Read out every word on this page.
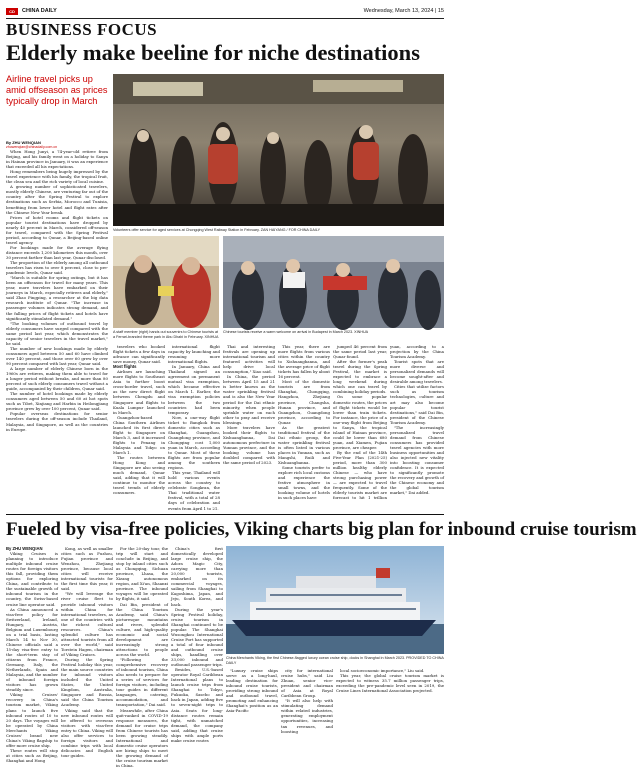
CD	CHINA DAILY	Wednesday, March 13, 2024 | 15
BUSINESS FOCUS
Elderly make beeline for niche destinations
Airline travel picks up amid offseason as prices typically drop in March
By ZHU WENQIAN
zhuwenqian@chinadaily.com.cn

When Hong Junyi, a 74-year-old retiree from Beijing, and his family went on a holiday to Sanya in Hainan province in January, it was an experience that exceeded all his expectations.

Hong remembers being hugely impressed by the travel experience with his family, the tropical fruit, the clean sea and the rich variety of local cuisine.

A growing number of sophisticated travelers, mostly elderly Chinese, are venturing far out of the country after the Spring Festival to explore destinations such as Serbia, Morocco and Tunisia, benefiting from lower hotel and flight rates after the Chinese New Year break.

Prices of hotel rooms and flight tickets on popular tourist destinations have dropped by nearly 40 percent in March, considered off-season for travel, compared with the Spring Festival period, according to Qunar, a Beijing-based online travel agency.

For bookings made for the average flying distance exceeds 1,200 kilometers this month, over 30 percent farther than last year, Qunar disclosed.

The proportion of the elderly among all outbound travelers has risen to over 8 percent, close to pre-pandemic levels, Qunar said.

"March is suitable for spring outings, but it has been an offseason for travel for many years. This year, more travelers have embarked on their journeys in March, especially retirees and elderly," said Zhao Pingping, a researcher at the big data research institute of Qunar. "The increase in passenger volumes indicates strong demand, and the falling prices of flight tickets and hotels have significantly stimulated demand."

"The booking volumes of outbound travel by elderly consumers have surged compared with the same period last year, which demonstrates the capacity of senior travelers in the travel market," he said.

The number of new bookings made by elderly consumers aged between 50 and 60 have climbed over 140 percent, and those over 60 grew by over 90 percent compared with last year, Qunar said.

A large number of elderly Chinese born in the 1960s are retirees, making them able to travel for a longer period without breaks, and more than 80 percent of such elderly consumers travel without a guide, accompanied by their children, Qunar said.

The number of hotel bookings made by elderly consumers aged between 50 and 60 at hot spots such as Tibet, Xinjiang and Harbin in Heilongjiang province grew by over 100 percent, Qunar said.

Popular overseas destinations for senior travelers during the off-season include Thailand, Malaysia, and Singapore, as well as the countries in Europe.

Volunteers offer service for aged services at Chongqing West Railway Station in February. ZAN HAIYANG / FOR CHINA DAILY
A staff member (right) hands out souvenirs to Chinese tourists at a Ferrari-branded theme park in Abu Dhabi in February. XINHUA
Chinese tourists receive a warm welcome on arrival in Budapest in March 2023. XINHUA

travelers who booked flight tickets a few days in advance can significantly save money, Qunar said.

Most flights

Airlines are launching more flights to Southeast Asia to further boost cross-border travel, such as the new direct flight between Chengdu and Singapore and flights to Kuala Lumpur launched in March.

Guangzhou-based China Southern Airlines launched its first direct flight to Singapore on March 3, and it increased flights to Penang in Malaysia and Tokyo on March 1.

The routes between Hong Kong and Singapore are also seeing much demand, Qunar said, adding that it will continue to monitor the travel trends of elderly consumers.

international flight capacity by launching and resuming more international flights.

In January, China and Thailand signed an agreement on permanent mutual visa exemption, which became effective on March 1. Earlier, the visa exemption policies between the two countries had been temporary.

Now, a one-way flight ticket to Bangkok from domestic cities such as Shanghai, Guangzhou, Guangdong province, and Chongqing cost 1,000 yuan in March, according to Qunar. Most of these flights are from popular among the southern regions.

This year, Thailand will hold various events across the country to celebrate Songkran, the Thai traditional water festival, with a total of 28 days of celebration and events from April 1 to 21.

Thai and interesting festivals are opening up international tourism and featured activities will help drive local consumption," Xiao said.

In China, the period between April 15 and 21 is better known as the water sprinkling festival and is also the New Year period for the Dai ethnic minority, when people sprinkle water on each other to pray and receive blessings.

More travelers have booked their flights to Xishuangbanna, Dai autonomous prefecture in Yunnan province, and the booking volume has doubled compared with the same period of 2023.

This year, there are more flights from various cities within the country to Xishuangbanna, and the average price of flight tickets has fallen by about 16 percent.

Most of the domestic tourists are from Shanghai, Chongqing, Hangzhou, Zhejiang province, Changsha, Hunan province, and Guangzhou, Guangdong province, according to Qunar.

As the greatest traditional festival of the Dai ethnic group, the water sprinkling festival is often listed in various places in Yunnan, such as Mangshi, Ruili and Xishuangbanna.

Some tourists prefer to explore rich local customs and experience the festive atmosphere in small towns, and the booking volume of hotels in such places have

jumped 46 percent from the same period last year, Qunar found.

After the former's peak travel during the Spring Festival, the market is expected to embrace a long weekend during which one can travel by combining holiday periods.

On some popular domestic routes, the prices of flight tickets would be lower than train tickets. For instance, the price of a one-way flight from Beijing to Sanya, the tropical island of Hainan province, could be lower than 680 yuan, and Xiamen, Fujian province, are cheaper.

By the end of the 14th Five-Year Plan (2021-25) period, more than 300 million healthy elderly Chinese — who have strong purchasing power — are expected to travel frequently. Some of the elderly tourists market are forecast to hit 1 trillion yuan, according to a projection by the China Tourism Academy.

Tourist spots that are more diverse and personalized demands will become sought-after and desirable among travelers.

Cities that utilize factors such as tourism technologies, culture and art may also become popular tourist destinations," said Dai Bin, president of the Chinese Tourism Academy.

"The increasingly personalized travel demand from Chinese consumers has provided travel agencies with more business opportunities and also injected new vitality into boosting consumer confidence. It is expected to significantly promote the recovery and growth of the Chinese economy and the global tourism market," Dai added.

Fueled by visa-free policies, Viking charts big plan for inbound cruise tourism

By ZHU WENQIAN

Viking Cruises is planning to introduce multiple inbound cruise routes for foreign visitors this fall, providing them options for exploring China, and contribute to the sustainable growth of inbound tourism in the country, the Swiss-based cruise line operator said.

As China announced a visa-free policy for Switzerland, Ireland, Hungary, Austria, Belgium and Luxembourg on a trial basis, lasting March 14 to Nov 30, Chinese officials said a 15-day visa-free entry to the short-term stay of citizens from France, Germany, Italy, the Netherlands, Spain and Malaysia, and the number of inbound foreign visitors has grown steadily since.

Viking Cruises' recovery in China's tourism market, Viking plans to launch five inbound routes of 10 to 20 days. The voyages will be operated by China Merchants Viking Cruises' brand new China's Viking flagship to offer more cruise ship.

These routes will stop at cities such as Beijing, Shanghai and Hong

Kong, as well as smaller cities such as Fuzhou, Fujian province and Wenzhou, Zhejiang province, because local cities will receive international tourists for the first time this year, it said.

"We will leverage the river cruise fleet to provide inbound visitors within China for international travelers, as one of the countries with the richest cultural resources. China's splendid culture has attracted tourists from all over the world," said Torstein Hagen, chairman of Viking Cruises.

During the Spring Festival holiday this year, the main source countries for inbound visitors included the United States, the United Kingdom, Australia, Singapore and Russia, said the China Tourism Academy.

Viking said that the new inbound routes will be offered to overseas visitors with visa-free entry to China. Viking will also offer services to foreign visitors and combine trips with local delicacies and English tour guides.

For the 20-day tour, the trip will start and conclude in Beijing, and stop by inland cities such as Chongqing, Sichuan province, Lhasa, the Xizang autonomous region, and Xi'an, Shaanxi province. The inbound voyages will be operated by flights, it said.

Dai Bin, president of the China Tourism Academy, said China's picturesque mountains and rivers, splendid culture, and high-quality economic and social development are increasingly strong attractions to people across the world.

"Following the comprehensive recovery of inbound tourism, China also needs to prepare for a series of services for foreign visitors, including tour guides in different languages, catering, accommodation, and transportation," Dai said.

Meanwhile, after China quit-ranked in COVID-19 response measures, the demand for cruise trips from Chinese tourists has been growing steadily. International and domestic cruise operators are hiring ships to meet the growing demand of the cruise tourism market in China.

China's first domestically developed large cruise ship, the Adora Magic City, carrying more than 20,000 tourists, embarked on its commercial voyages, sailing from Shanghai to Kagoshima, Japan, and Jeju, South Korea, and back.

During the year's Spring Festival holiday, cruise tourism in Shanghai continued to be popular. The Shanghai Wusongkou International Cruise Port has supported a total of four inbound and outbound cruise ships, handling over 33,000 inbound and outbound passenger trips.

Besides, U.S.-based operator Royal Caribbean International plans to launch cruise trips from Shanghai to Tokyo, Fukuoka, Sasebo and back in Japan, adding five to seven-night trips to Asia. Seats for long-distance routes remain tight, with unmatched demand, the company said, adding that cruise ships with ample ports make cruise routes

China Merchants Viking, the first Chinese-flagged luxury ocean cruise ship, docks in Shanghai in March 2023. PROVIDED TO CHINA DAILY

"Luxury cruise ships serve as a long-haul, leading destination for inbound cruise tourists, providing strong inbound and outbound travel, promoting and enhancing Shanghai's position as an Asia-Pacific

city for international cruise hubs," said Liu Zhuan, senior vice-president and chairman of Asia at Royal Caribbean Group.

"It will also help with stimulating demand within related industries, generating employment opportunities, increasing tax revenues, and boosting

local socioeconomic importance," Liu said.

This year, the global cruise tourism market is expected to witness 35.7 million passenger trips, exceeding the pre-pandemic level seen in 2019, the Cruise Lines International Association projected.
